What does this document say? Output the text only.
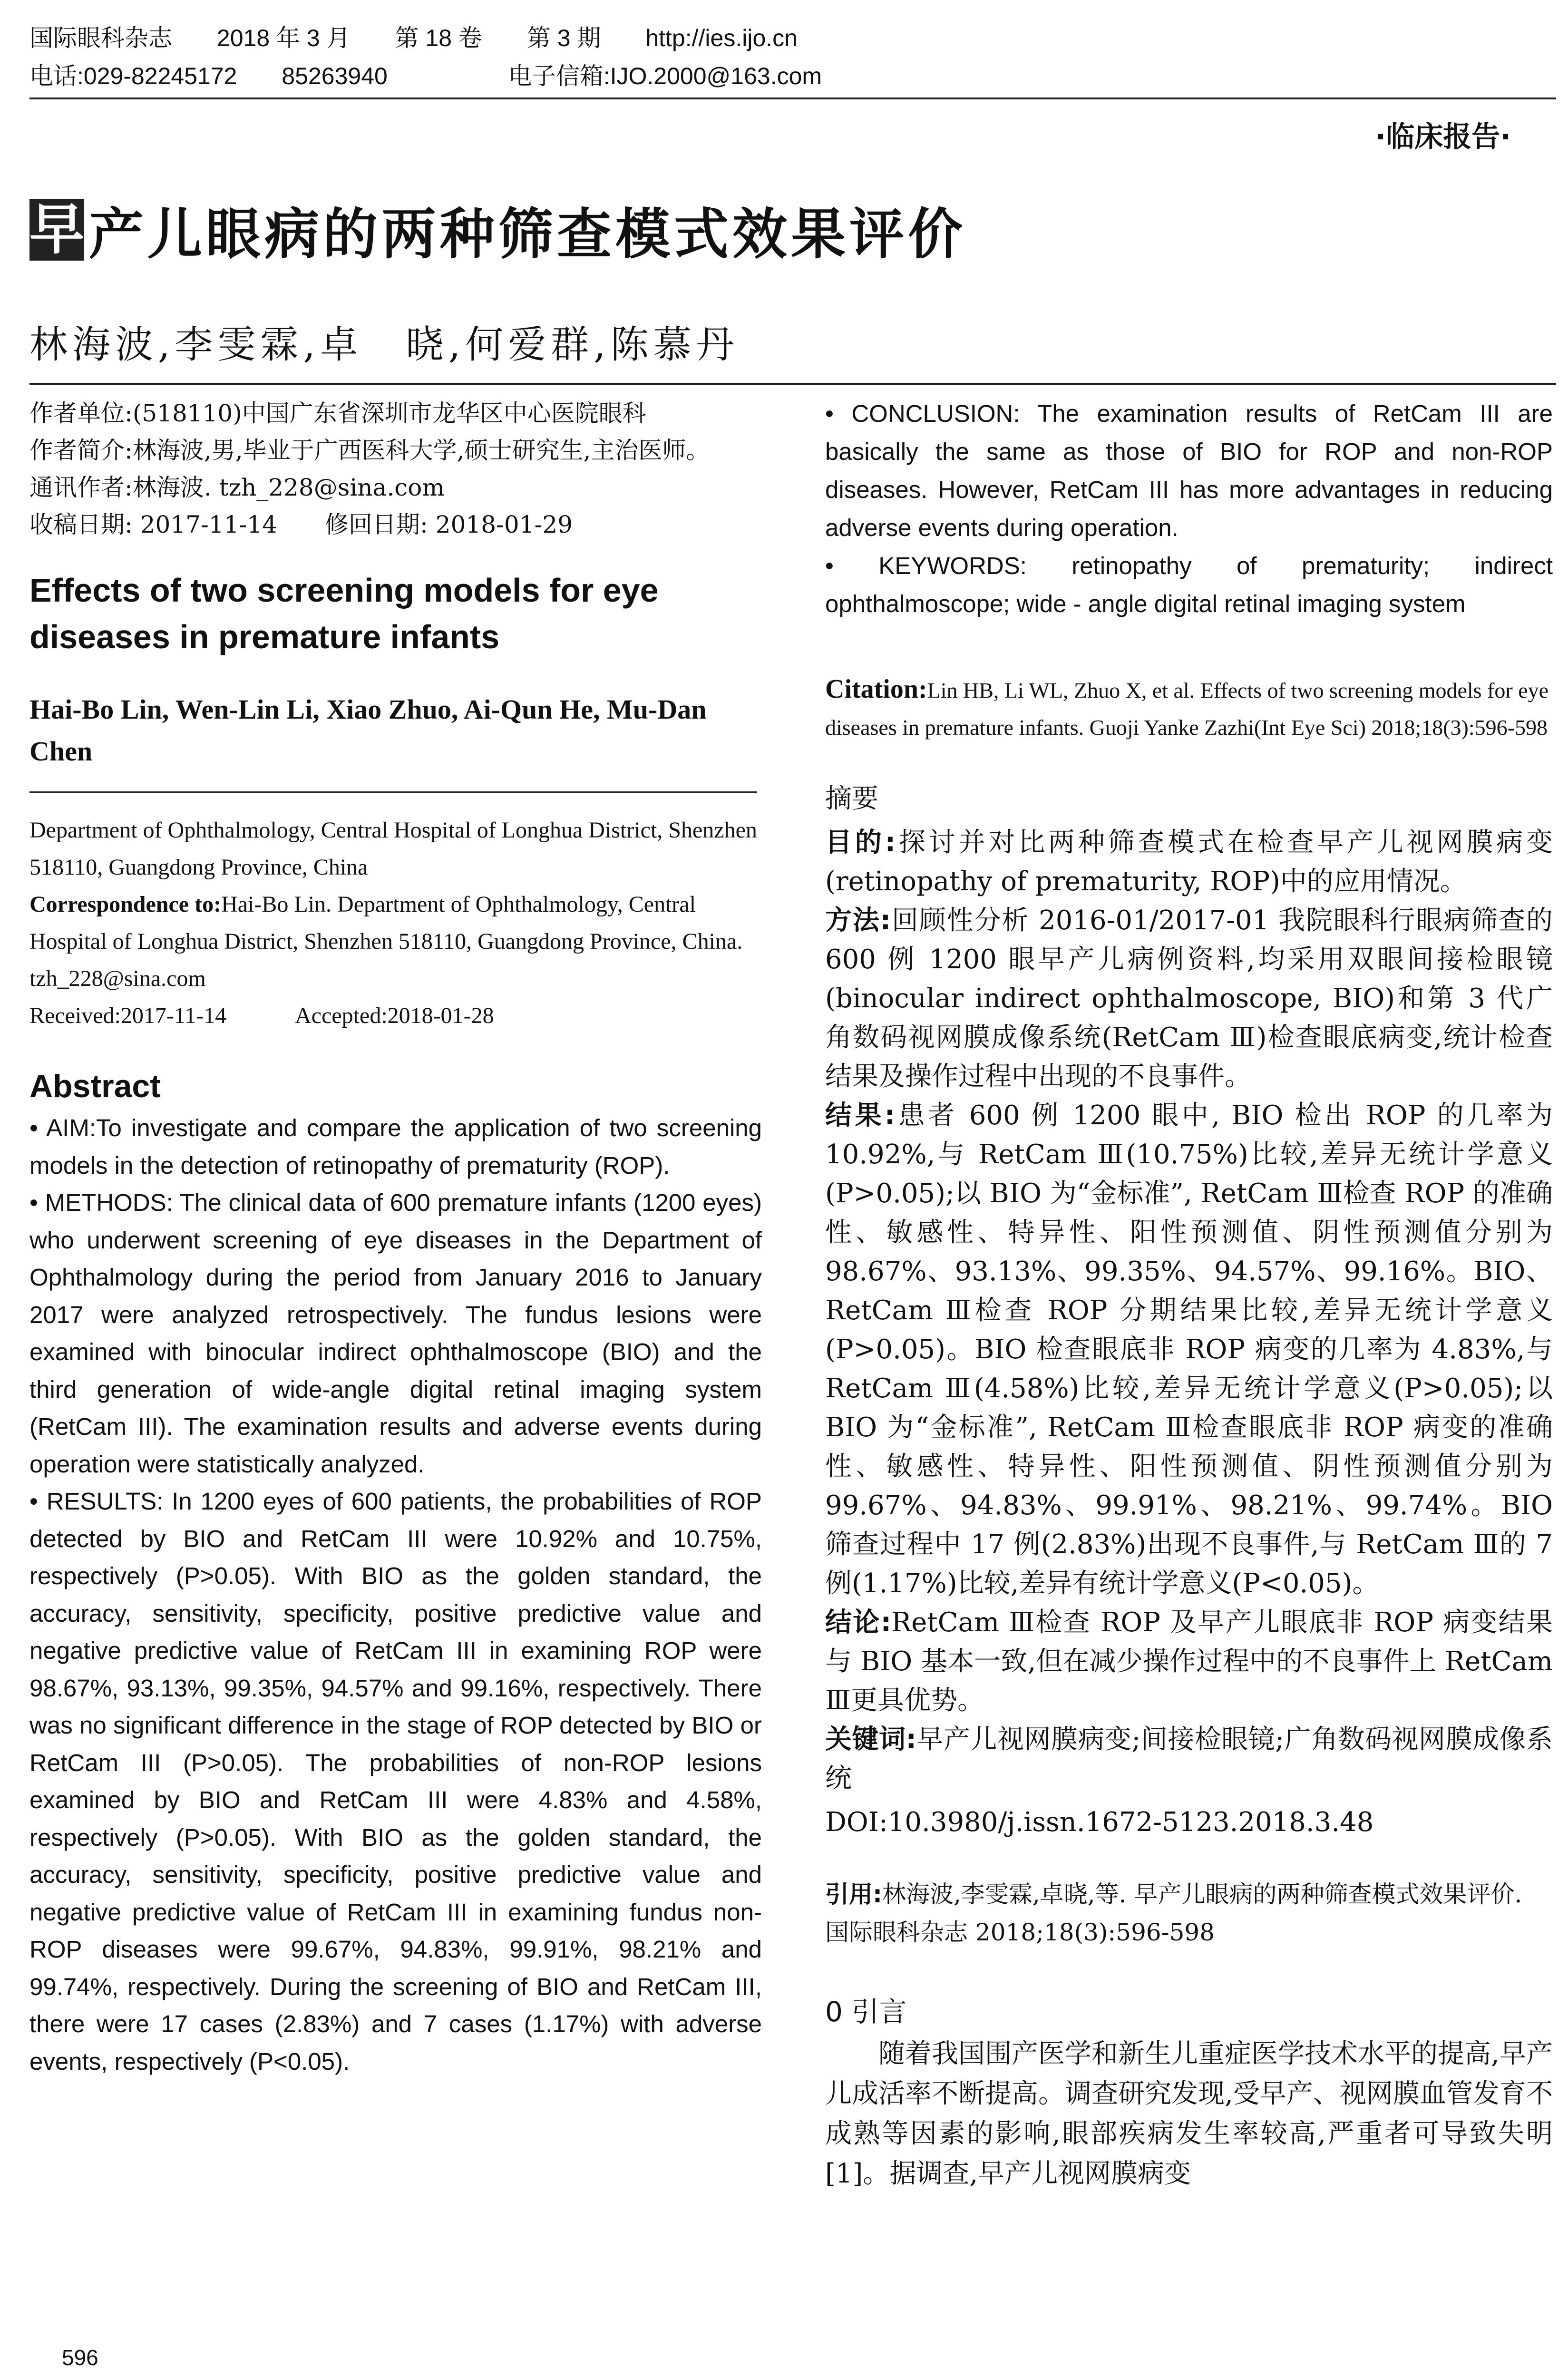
国际眼科杂志 2018 年 3 月 第 18 卷 第 3 期 http://ies.ijo.cn
电话:029-82245172 85263940	电子信箱:IJO.2000@163.com
·临床报告·
早 产儿眼病的两种筛查模式效果评价
林海波,李雯霖,卓　晓,何爱群,陈慕丹
作者单位:(518110)中国广东省深圳市龙华区中心医院眼科
作者简介:林海波,男,毕业于广西医科大学,硕士研究生,主治医师。
通讯作者:林海波. tzh_228@sina.com
收稿日期: 2017-11-14　　修回日期: 2018-01-29
Effects of two screening models for eye diseases in premature infants
Hai-Bo Lin, Wen-Lin Li, Xiao Zhuo, Ai-Qun He, Mu-Dan Chen
Department of Ophthalmology, Central Hospital of Longhua District, Shenzhen 518110, Guangdong Province, China
Correspondence to:Hai-Bo Lin. Department of Ophthalmology, Central Hospital of Longhua District, Shenzhen 518110, Guangdong Province, China. tzh_228@sina.com
Received:2017-11-14　　　Accepted:2018-01-28
Abstract

• AIM:To investigate and compare the application of two screening models in the detection of retinopathy of prematurity (ROP).

• METHODS: The clinical data of 600 premature infants (1200 eyes) who underwent screening of eye diseases in the Department of Ophthalmology during the period from January 2016 to January 2017 were analyzed retrospectively. The fundus lesions were examined with binocular indirect ophthalmoscope (BIO) and the third generation of wide-angle digital retinal imaging system (RetCam III). The examination results and adverse events during operation were statistically analyzed.

• RESULTS: In 1200 eyes of 600 patients, the probabilities of ROP detected by BIO and RetCam III were 10.92% and 10.75%, respectively (P>0.05). With BIO as the golden standard, the accuracy, sensitivity, specificity, positive predictive value and negative predictive value of RetCam III in examining ROP were 98.67%, 93.13%, 99.35%, 94.57% and 99.16%, respectively. There was no significant difference in the stage of ROP detected by BIO or RetCam III (P>0.05). The probabilities of non-ROP lesions examined by BIO and RetCam III were 4.83% and 4.58%, respectively (P>0.05). With BIO as the golden standard, the accuracy, sensitivity, specificity, positive predictive value and negative predictive value of RetCam III in examining fundus non-ROP diseases were 99.67%, 94.83%, 99.91%, 98.21% and 99.74%, respectively. During the screening of BIO and RetCam III, there were 17 cases (2.83%) and 7 cases (1.17%) with adverse events, respectively (P<0.05).

• CONCLUSION: The examination results of RetCam III are basically the same as those of BIO for ROP and non-ROP diseases. However, RetCam III has more advantages in reducing adverse events during operation.

• KEYWORDS: retinopathy of prematurity; indirect ophthalmoscope; wide - angle digital retinal imaging system

Citation:Lin HB, Li WL, Zhuo X, et al. Effects of two screening models for eye diseases in premature infants. Guoji Yanke Zazhi(Int Eye Sci) 2018;18(3):596-598
摘要

目的:探讨并对比两种筛查模式在检查早产儿视网膜病变(retinopathy of prematurity, ROP)中的应用情况。

方法:回顾性分析 2016-01/2017-01 我院眼科行眼病筛查的 600 例 1200 眼早产儿病例资料,均采用双眼间接检眼镜(binocular indirect ophthalmoscope, BIO)和第 3 代广角数码视网膜成像系统(RetCam Ⅲ)检查眼底病变,统计检查结果及操作过程中出现的不良事件。

结果:患者 600 例 1200 眼中, BIO 检出 ROP 的几率为 10.92%,与 RetCam Ⅲ(10.75%)比较,差异无统计学意义(P>0.05);以 BIO 为“金标准”, RetCam Ⅲ检查 ROP 的准确性、敏感性、特异性、阳性预测值、阴性预测值分别为 98.67%、93.13%、99.35%、94.57%、99.16%。BIO、RetCam Ⅲ检查 ROP 分期结果比较,差异无统计学意义(P>0.05)。BIO 检查眼底非 ROP 病变的几率为 4.83%,与 RetCam Ⅲ(4.58%)比较,差异无统计学意义(P>0.05);以 BIO 为“金标准”, RetCam Ⅲ检查眼底非 ROP 病变的准确性、敏感性、特异性、阳性预测值、阴性预测值分别为 99.67%、94.83%、99.91%、98.21%、99.74%。BIO 筛查过程中 17 例(2.83%)出现不良事件,与 RetCam Ⅲ的 7 例(1.17%)比较,差异有统计学意义(P<0.05)。

结论:RetCam Ⅲ检查 ROP 及早产儿眼底非 ROP 病变结果与 BIO 基本一致,但在减少操作过程中的不良事件上 RetCam Ⅲ更具优势。

关键词:早产儿视网膜病变;间接检眼镜;广角数码视网膜成像系统

DOI:10.3980/j.issn.1672-5123.2018.3.48

引用:林海波,李雯霖,卓晓,等. 早产儿眼病的两种筛查模式效果评价. 国际眼科杂志 2018;18(3):596-598
0 引言

随着我国围产医学和新生儿重症医学技术水平的提高,早产儿成活率不断提高。调查研究发现,受早产、视网膜血管发育不成熟等因素的影响,眼部疾病发生率较高,严重者可导致失明[1]。据调查,早产儿视网膜病变

596
